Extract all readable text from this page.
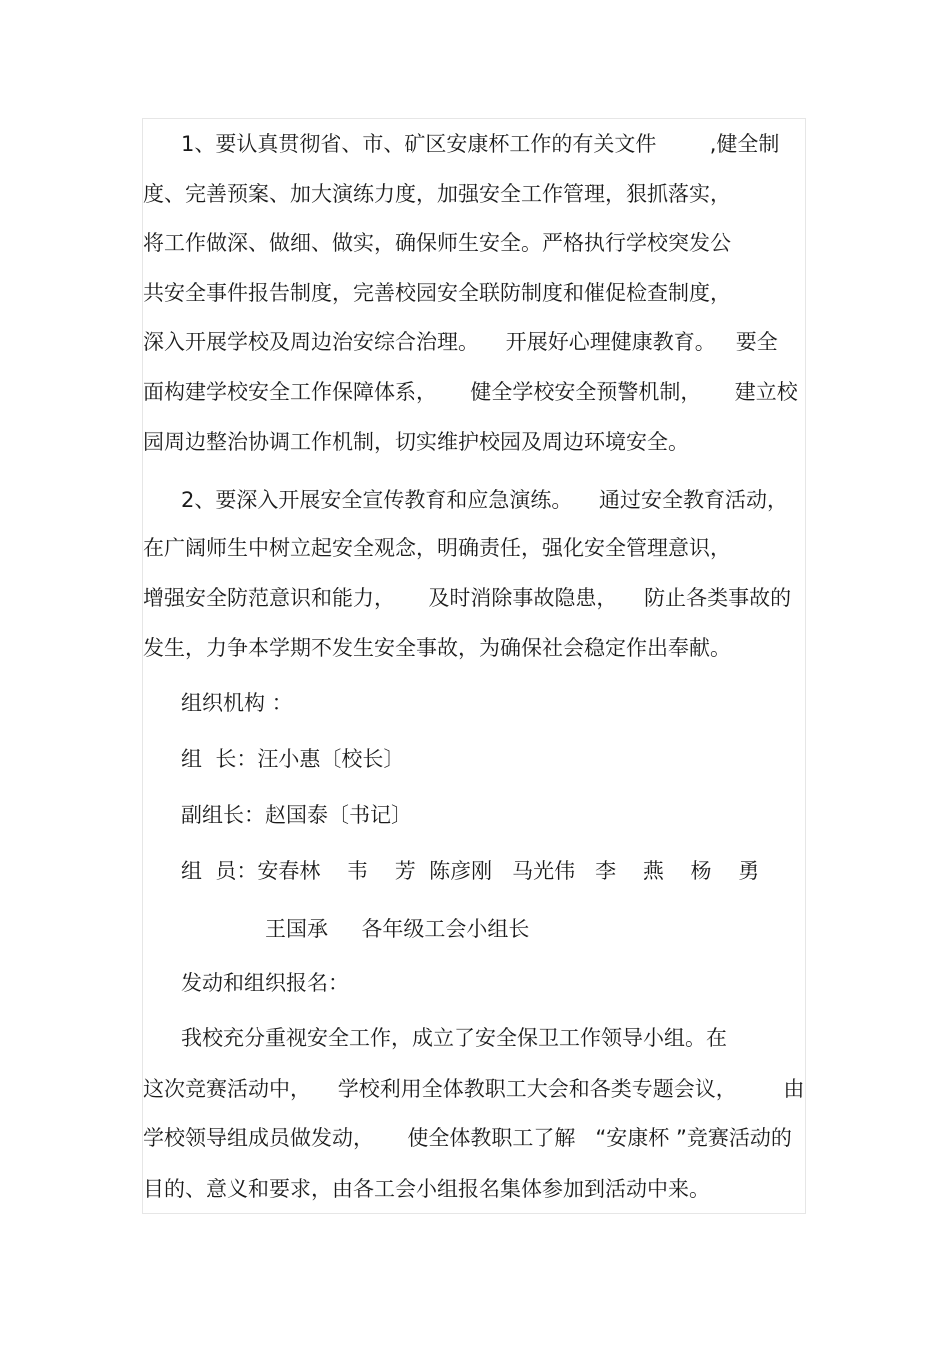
1、要认真贯彻省、市、矿区安康杯工作的有关文件        ,健全制
度、完善预案、加大演练力度，加强安全工作管理，狠抓落实，
将工作做深、做细、做实，确保师生安全。严格执行学校突发公
共安全事件报告制度，完善校园安全联防制度和催促检查制度，
深入开展学校及周边治安综合治理。    开展好心理健康教育。   要全
面构建学校安全工作保障体系，     健全学校安全预警机制，     建立校
园周边整治协调工作机制，切实维护校园及周边环境安全。
2、要深入开展安全宣传教育和应急演练。    通过安全教育活动，
在广阔师生中树立起安全观念，明确责任，强化安全管理意识，
增强安全防范意识和能力，     及时消除事故隐患，    防止各类事故的
发生，力争本学期不发生安全事故，为确保社会稳定作出奉献。
组织机构 ：
组  长：汪小惠〔校长〕
副组长：赵国泰〔书记〕
组  员：安春林    韦    芳  陈彦刚   马光伟   李    燕    杨    勇
王国承     各年级工会小组长
发动和组织报名：
我校充分重视安全工作，成立了安全保卫工作领导小组。在
这次竞赛活动中，    学校利用全体教职工大会和各类专题会议，       由
学校领导组成员做发动，     使全体教职工了解   “安康杯 ”竞赛活动的
目的、意义和要求，由各工会小组报名集体参加到活动中来。
